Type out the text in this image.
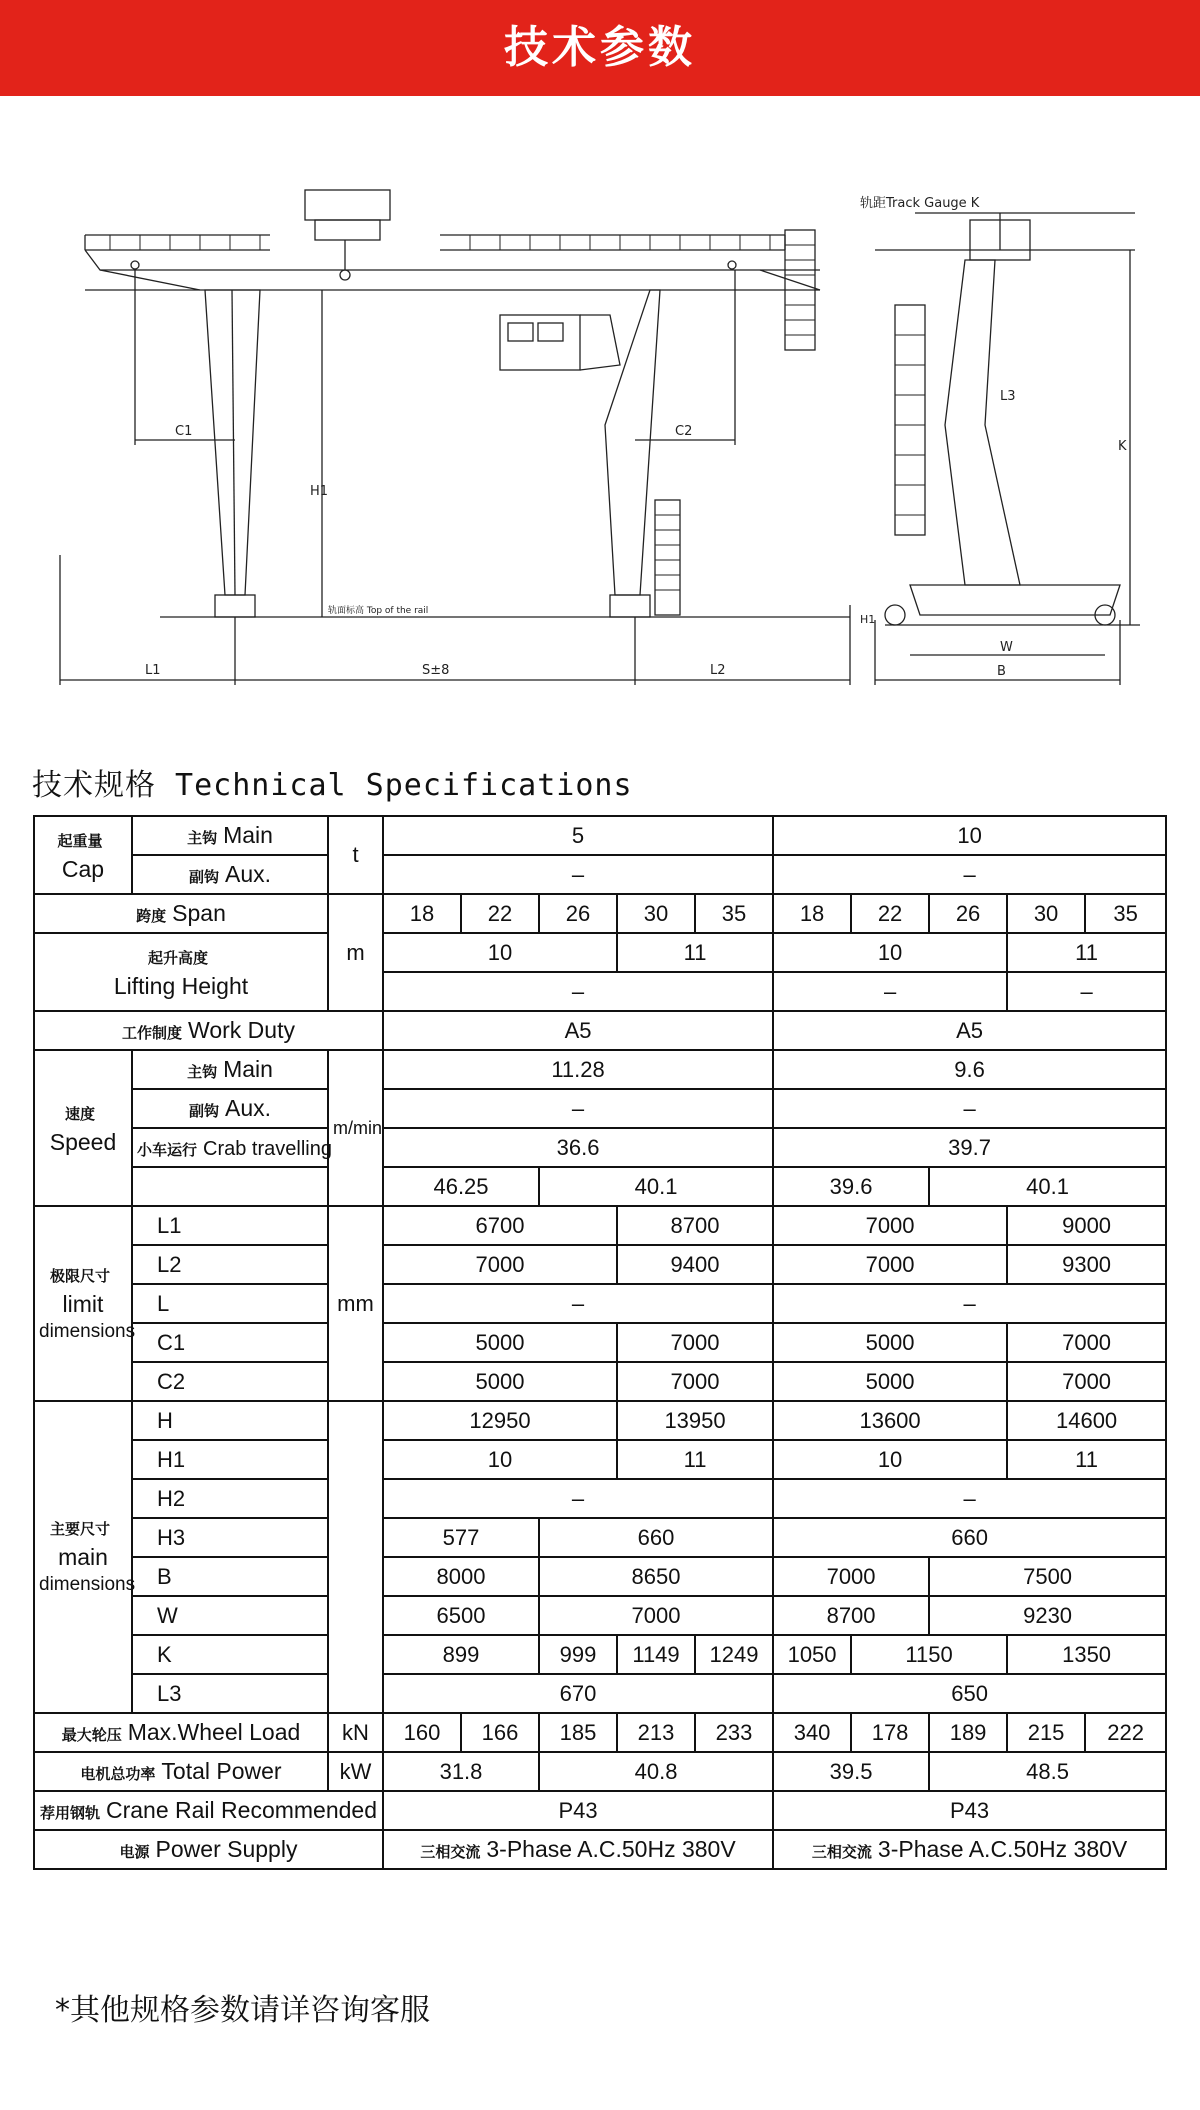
技术参数
C1	C2
H1
L1	S±8	L2
轨面标高 Top of the rail
轨距Track Gauge K
L3
K
W
B
H1
技术规格 Technical Specifications
起重量
Cap	主钩 Main	t	5					10				
	副钩 Aux.		–					–				
跨度 Span		m	18	22	26	30	35	18	22	26	30	35

起升高度
Lifting Height			10			11		10			11	
			–					–			–	
工作制度 Work Duty			A5					A5				

速度
Speed	主钩 Main	m/min	11.28					9.6				
	副钩 Aux.		–					–				
	小车运行 Crab travelling		36.6					39.7				
			46.25		40.1			39.6		40.1		

极限尺寸
limit
dimensions	L1	mm	6700			8700		7000			9000	
	L2		7000			9400		7000			9300	
	L		–					–				
	C1		5000			7000		5000			7000	
	C2		5000			7000		5000			7000	

主要尺寸
main
dimensions	H		12950			13950		13600			14600	
	H1		10			11		10			11	
	H2		–					–				
	H3		577		660			660				
	B		8000		8650			7000		7500		
	W		6500		7000			8700		9230		
	K		899		999	1149	1249	1050	1150		1350	
	L3		670					650				
最大轮压 Max.Wheel Load		kN	160	166	185	213	233	340	178	189	215	222
电机总功率 Total Power		kW	31.8		40.8			39.5		48.5		
荐用钢轨 Crane Rail Recommended			P43					P43				
电源 Power Supply			三相交流 3-Phase A.C.50Hz 380V					三相交流 3-Phase A.C.50Hz 380V				
*其他规格参数请详咨询客服
